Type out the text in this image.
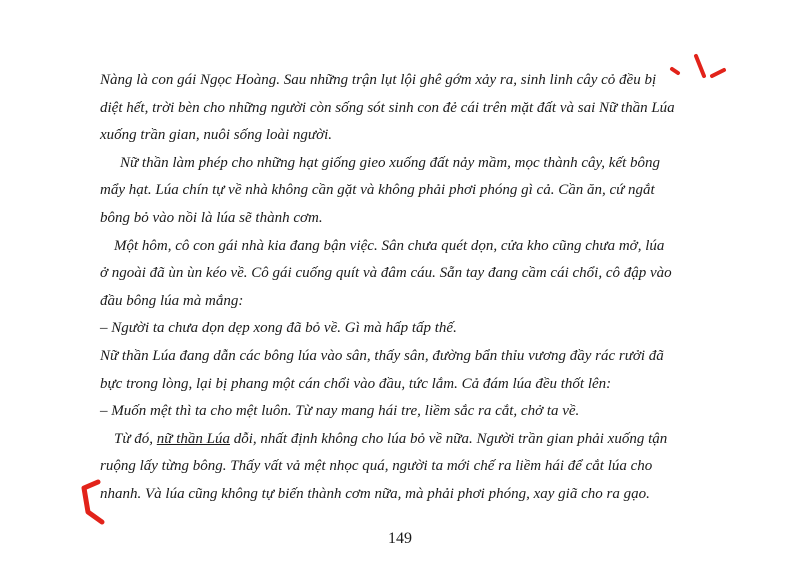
Nàng là con gái Ngọc Hoàng. Sau những trận lụt lội ghê gớm xảy ra, sinh linh cây cỏ đều bị
diệt hết, trời bèn cho những người còn sống sót sinh con đẻ cái trên mặt đất và sai Nữ thần Lúa
xuống trần gian, nuôi sống loài người.
Nữ thần làm phép cho những hạt giống gieo xuống đất nảy mầm, mọc thành cây, kết bông
mẩy hạt. Lúa chín tự về nhà không cần gặt và không phải phơi phóng gì cả. Cần ăn, cứ ngắt
bông bỏ vào nồi là lúa sẽ thành cơm.
Một hôm, cô con gái nhà kia đang bận việc. Sân chưa quét dọn, cửa kho cũng chưa mở, lúa
ở ngoài đã ùn ùn kéo về. Cô gái cuống quít và đâm cáu. Sẵn tay đang cầm cái chổi, cô đập vào
đầu bông lúa mà mắng:
– Người ta chưa dọn dẹp xong đã bỏ về. Gì mà hấp tấp thế.
Nữ thần Lúa đang dẫn các bông lúa vào sân, thấy sân, đường bẩn thỉu vương đầy rác rưởi đã
bực trong lòng, lại bị phang một cán chổi vào đầu, tức lắm. Cả đám lúa đều thốt lên:
– Muốn mệt thì ta cho mệt luôn. Từ nay mang hái tre, liềm sắc ra cắt, chở ta về.
Từ đó, nữ thần Lúa dỗi, nhất định không cho lúa bỏ về nữa. Người trần gian phải xuống tận
ruộng lấy từng bông. Thấy vất vả mệt nhọc quá, người ta mới chế ra liềm hái để cắt lúa cho
nhanh. Và lúa cũng không tự biến thành cơm nữa, mà phải phơi phóng, xay giã cho ra gạo.
149
